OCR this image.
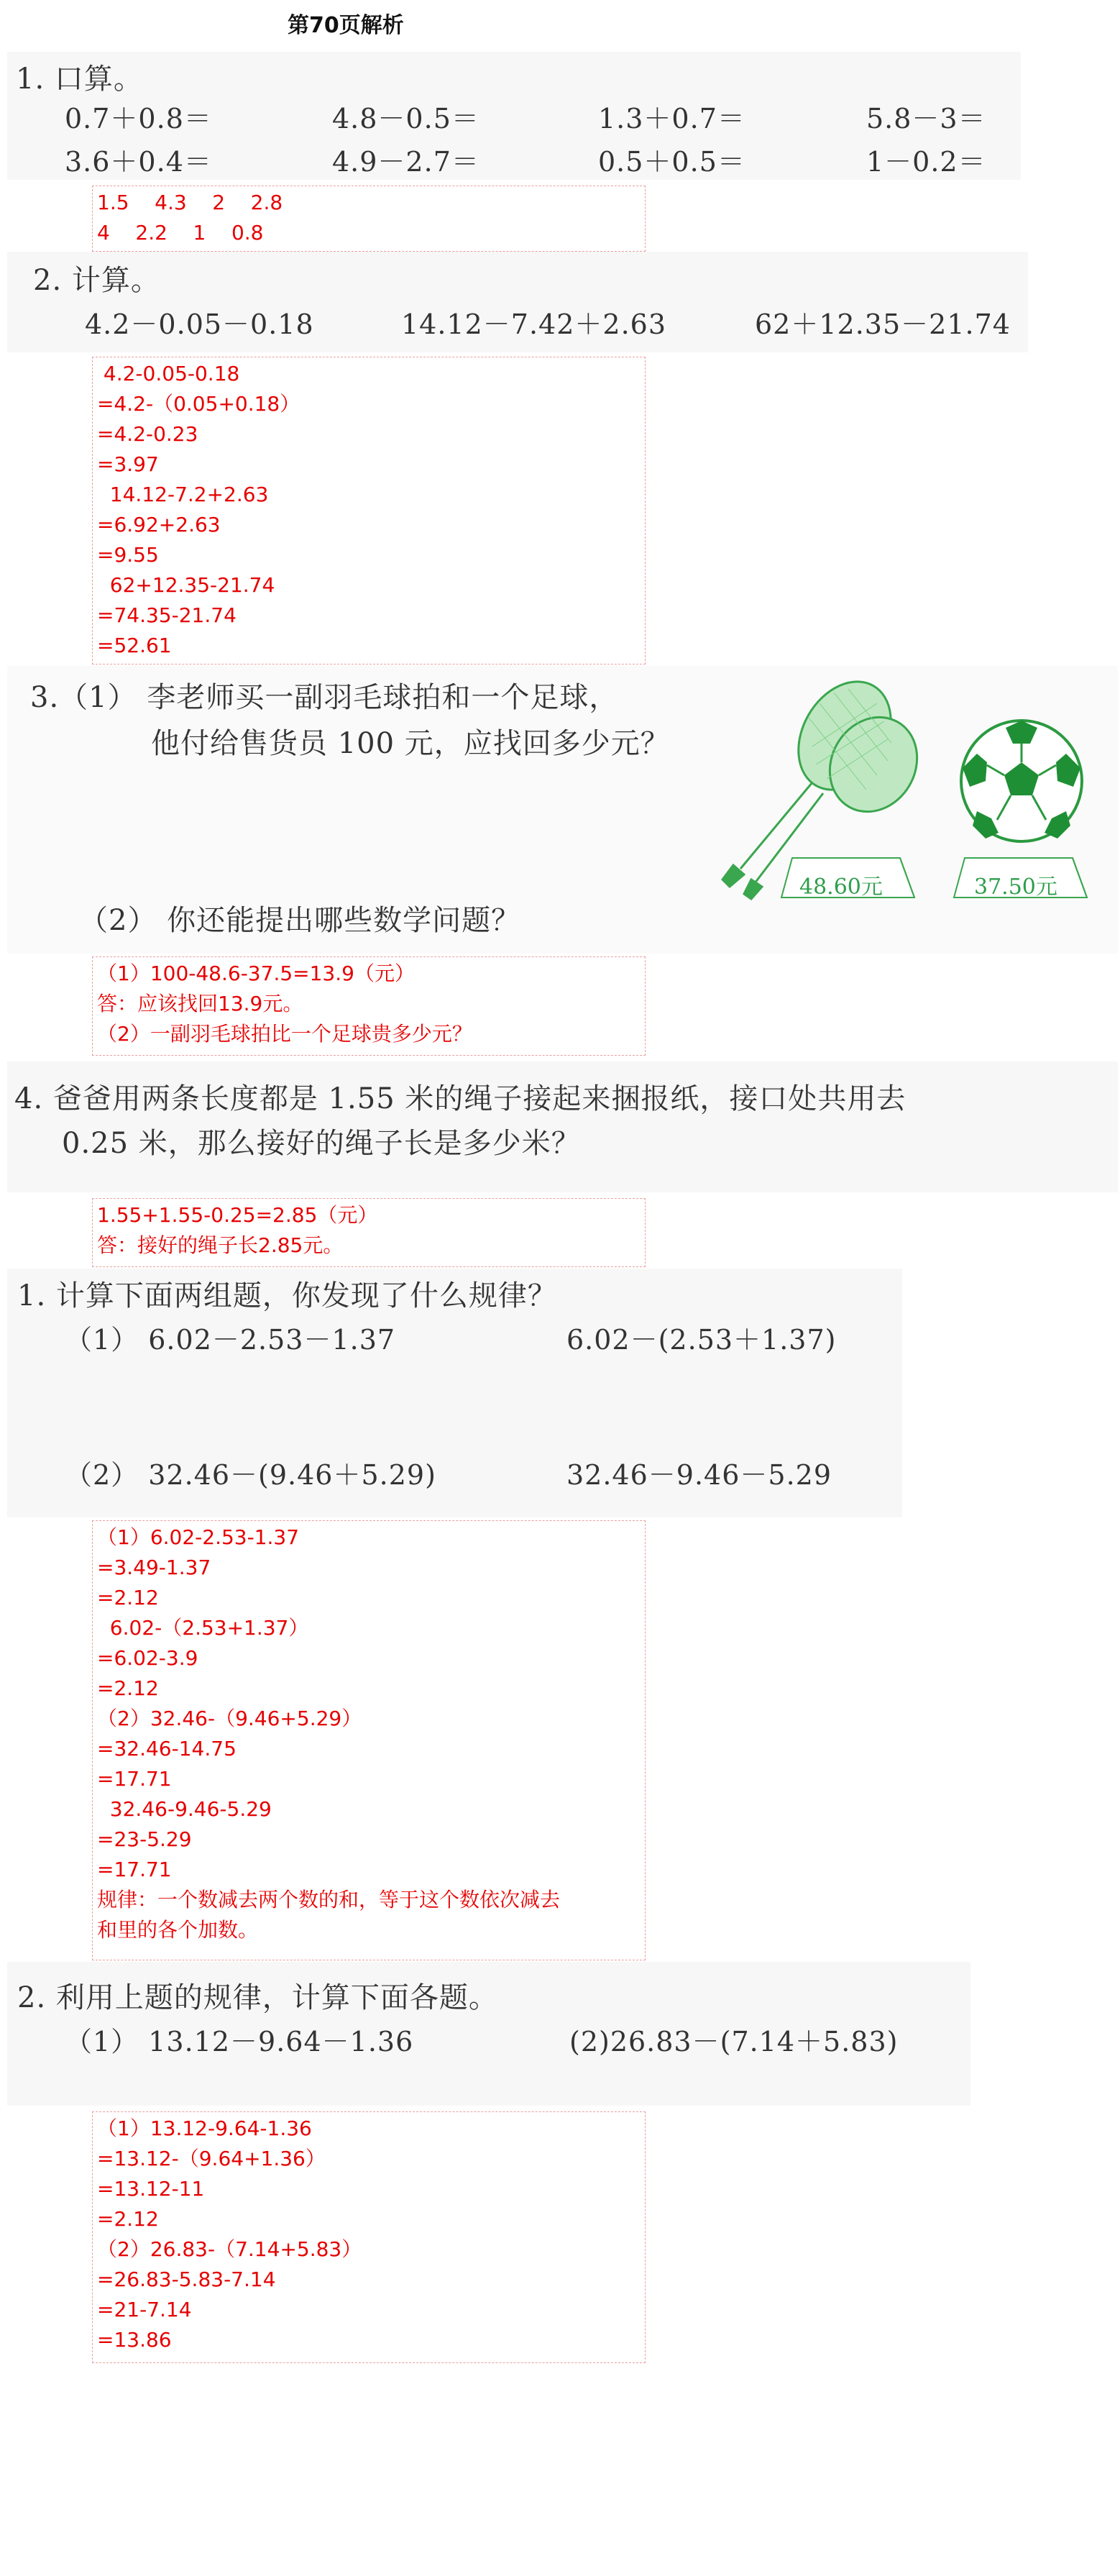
第70页解析
1. 口算。
0.7＋0.8＝	4.8－0.5＝	1.3＋0.7＝	5.8－3＝
3.6＋0.4＝	4.9－2.7＝	0.5＋0.5＝	1－0.2＝
1.5    4.3    2    2.8
4    2.2    1    0.8
2. 计算。
4.2－0.05－0.18	14.12－7.42＋2.63	62＋12.35－21.74
4.2-0.05-0.18
=4.2-（0.05+0.18）
=4.2-0.23
=3.97
14.12-7.2+2.63
=6.92+2.63
=9.55
62+12.35-21.74
=74.35-21.74
=52.61
3.（1） 李老师买一副羽毛球拍和一个足球，
他付给售货员 100 元，应找回多少元？
（2） 你还能提出哪些数学问题？
48.60元	37.50元
（1）100-48.6-37.5=13.9（元）
答：应该找回13.9元。
（2）一副羽毛球拍比一个足球贵多少元？
4. 爸爸用两条长度都是 1.55 米的绳子接起来捆报纸，接口处共用去
0.25 米，那么接好的绳子长是多少米？
1.55+1.55-0.25=2.85（元）
答：接好的绳子长2.85元。
1. 计算下面两组题，你发现了什么规律？
（1） 6.02－2.53－1.37	6.02－(2.53＋1.37)
（2） 32.46－(9.46＋5.29)	32.46－9.46－5.29
（1）6.02-2.53-1.37
=3.49-1.37
=2.12
6.02-（2.53+1.37）
=6.02-3.9
=2.12
（2）32.46-（9.46+5.29）
=32.46-14.75
=17.71
32.46-9.46-5.29
=23-5.29
=17.71
规律：一个数减去两个数的和，等于这个数依次减去
和里的各个加数。
2. 利用上题的规律，计算下面各题。
（1） 13.12－9.64－1.36	(2)26.83－(7.14＋5.83)
（1）13.12-9.64-1.36
=13.12-（9.64+1.36）
=13.12-11
=2.12
（2）26.83-（7.14+5.83）
=26.83-5.83-7.14
=21-7.14
=13.86
